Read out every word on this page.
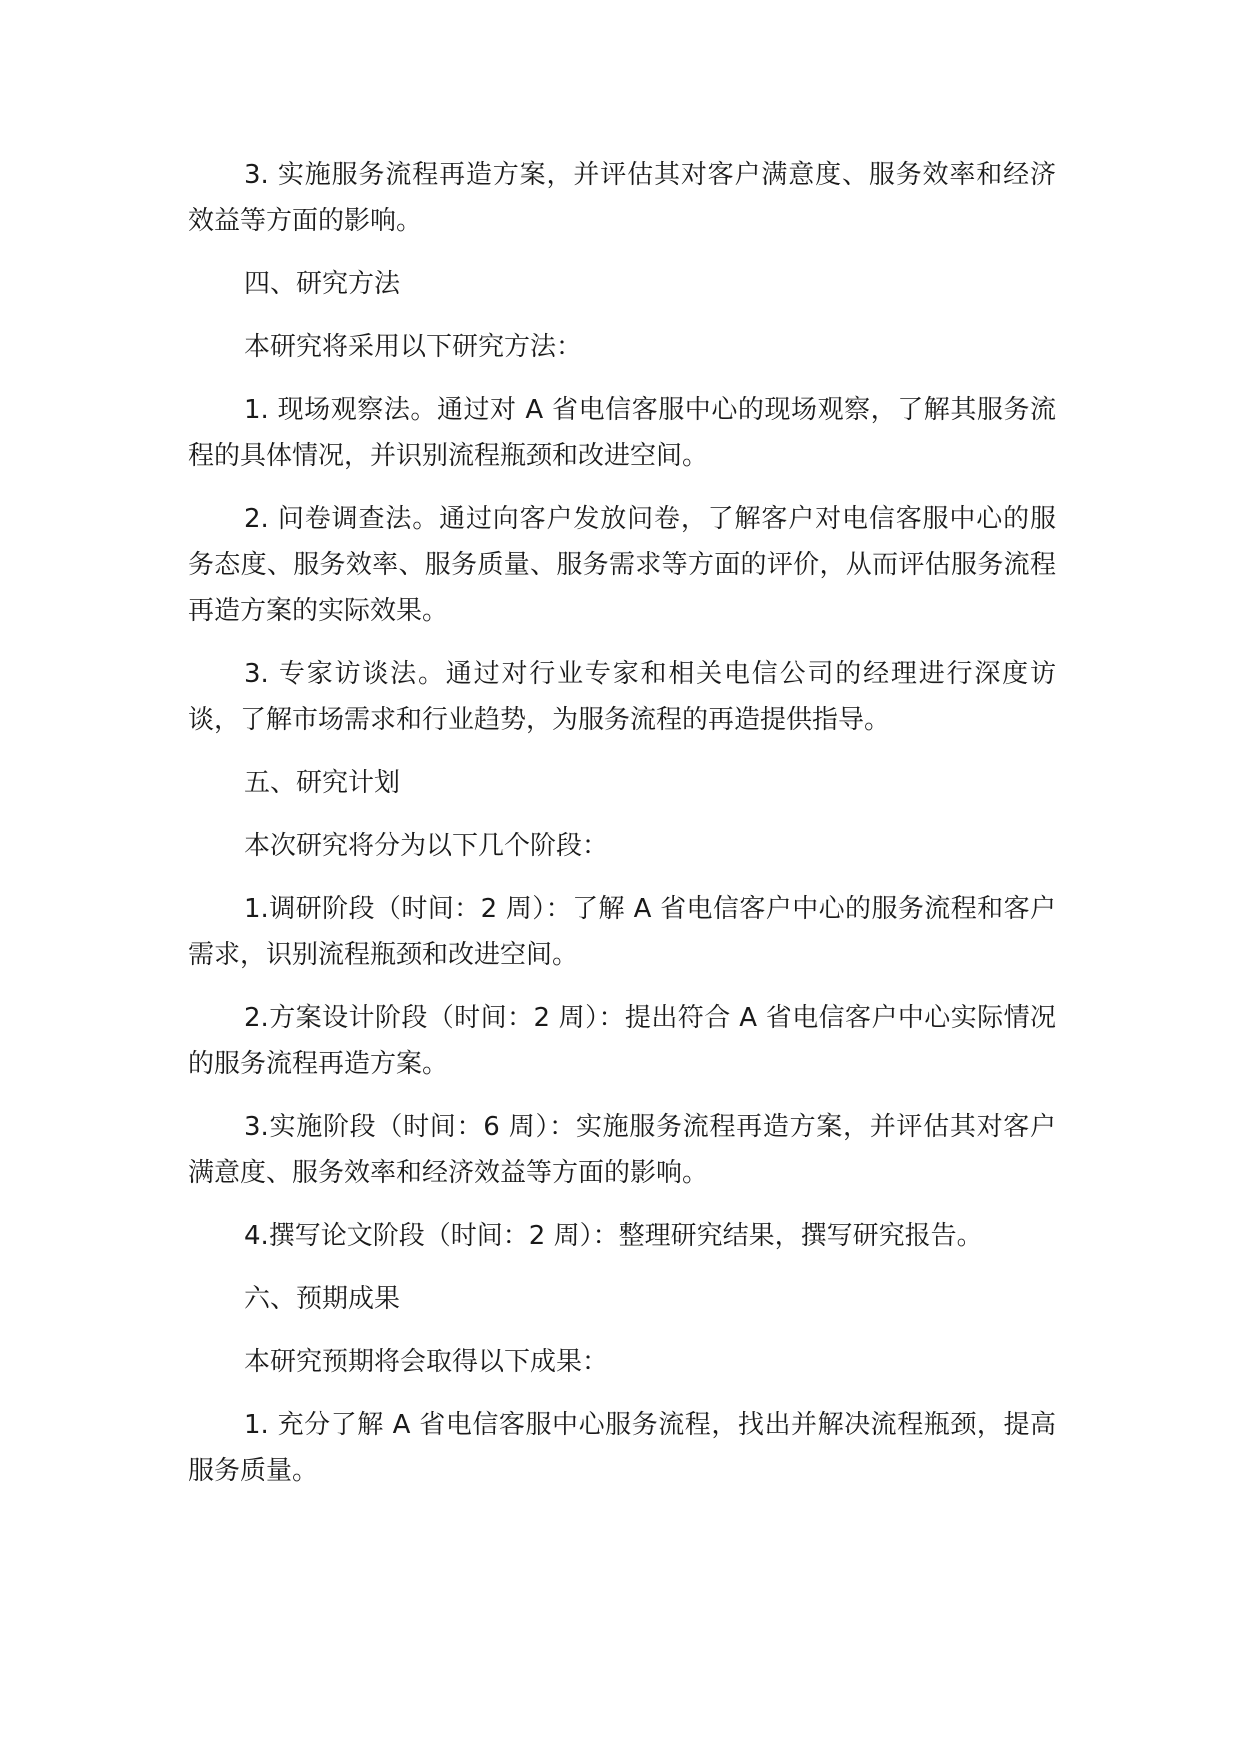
3. 实施服务流程再造方案，并评估其对客户满意度、服务效率和经济效益等方面的影响。

四、研究方法

本研究将采用以下研究方法：

1. 现场观察法。通过对 A 省电信客服中心的现场观察，了解其服务流程的具体情况，并识别流程瓶颈和改进空间。

2. 问卷调查法。通过向客户发放问卷，了解客户对电信客服中心的服务态度、服务效率、服务质量、服务需求等方面的评价，从而评估服务流程再造方案的实际效果。

3. 专家访谈法。通过对行业专家和相关电信公司的经理进行深度访谈，了解市场需求和行业趋势，为服务流程的再造提供指导。

五、研究计划

本次研究将分为以下几个阶段：

1.调研阶段（时间：2 周）：了解 A 省电信客户中心的服务流程和客户需求，识别流程瓶颈和改进空间。

2.方案设计阶段（时间：2 周）：提出符合 A 省电信客户中心实际情况的服务流程再造方案。

3.实施阶段（时间：6 周）：实施服务流程再造方案，并评估其对客户满意度、服务效率和经济效益等方面的影响。

4.撰写论文阶段（时间：2 周）：整理研究结果，撰写研究报告。

六、预期成果

本研究预期将会取得以下成果：

1. 充分了解 A 省电信客服中心服务流程，找出并解决流程瓶颈，提高服务质量。
